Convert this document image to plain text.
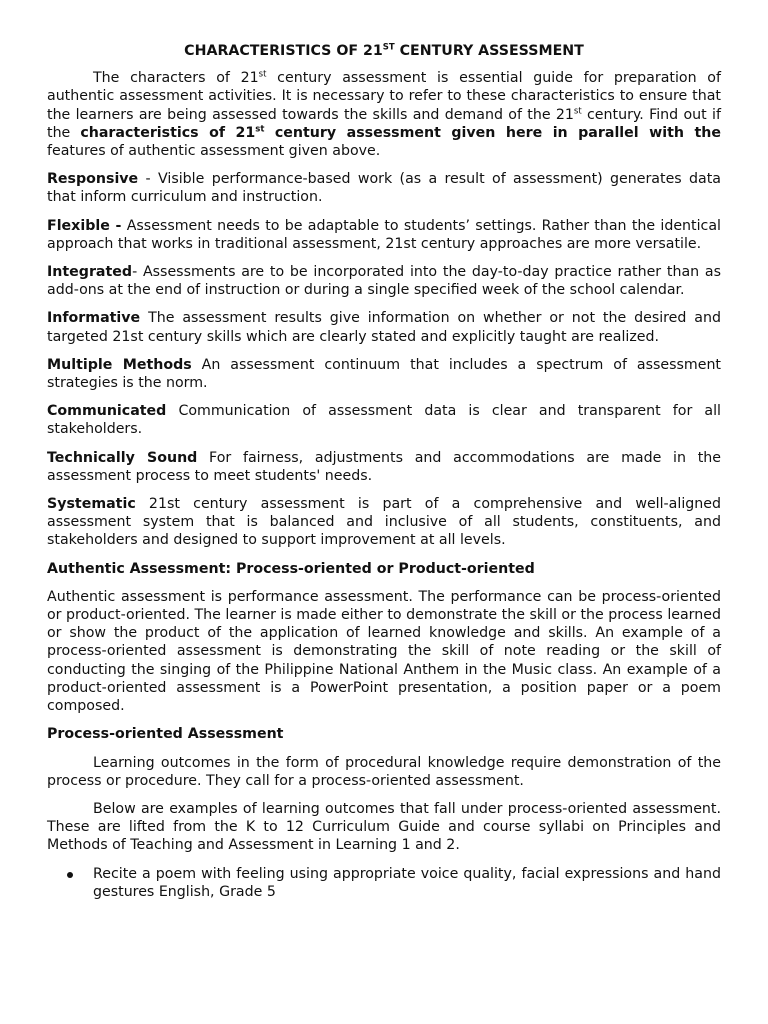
CHARACTERISTICS OF 21ST CENTURY ASSESSMENT

The characters of 21st century assessment is essential guide for preparation of authentic assessment activities. It is necessary to refer to these characteristics to ensure that the learners are being assessed towards the skills and demand of the 21st century. Find out if the characteristics of 21st century assessment given here in parallel with the features of authentic assessment given above.

Responsive - Visible performance-based work (as a result of assessment) generates data that inform curriculum and instruction.

Flexible - Assessment needs to be adaptable to students’ settings. Rather than the identical approach that works in traditional assessment, 21st century approaches are more versatile.

Integrated- Assessments are to be incorporated into the day-to-day practice rather than as add-ons at the end of instruction or during a single specified week of the school calendar.

Informative The assessment results give information on whether or not the desired and targeted 21st century skills which are clearly stated and explicitly taught are realized.

Multiple Methods An assessment continuum that includes a spectrum of assessment strategies is the norm.

Communicated Communication of assessment data is clear and transparent for all stakeholders.

Technically Sound For fairness, adjustments and accommodations are made in the assessment process to meet students' needs.

Systematic 21st century assessment is part of a comprehensive and well-aligned assessment system that is balanced and inclusive of all students, constituents, and stakeholders and designed to support improvement at all levels.

Authentic Assessment: Process-oriented or Product-oriented

Authentic assessment is performance assessment. The performance can be process-oriented or product-oriented. The learner is made either to demonstrate the skill or the process learned or show the product of the application of learned knowledge and skills. An example of a process-oriented assessment is demonstrating the skill of note reading or the skill of conducting the singing of the Philippine National Anthem in the Music class. An example of a product-oriented assessment is a PowerPoint presentation, a position paper or a poem composed.

Process-oriented Assessment

Learning outcomes in the form of procedural knowledge require demonstration of the process or procedure. They call for a process-oriented assessment.

Below are examples of learning outcomes that fall under process-oriented assessment. These are lifted from the K to 12 Curriculum Guide and course syllabi on Principles and Methods of Teaching and Assessment in Learning 1 and 2.

Recite a poem with feeling using appropriate voice quality, facial expressions and hand gestures English, Grade 5
